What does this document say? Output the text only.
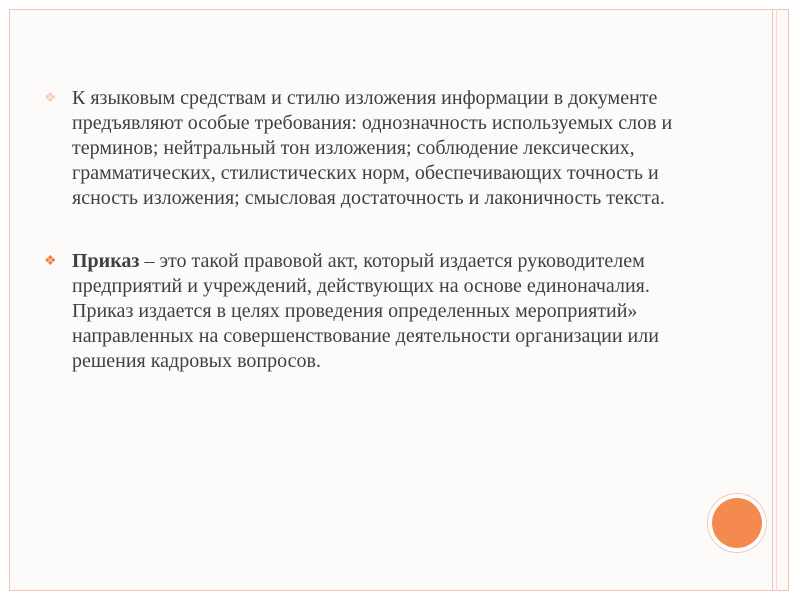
❖ К языковым средствам и стилю изложения информации в документе предъявляют особые требования: однозначность используемых слов и терминов; нейтральный тон изложения; соблюдение лексических, грамматических, стилистических норм, обеспечивающих точность и ясность изложения; смысловая достаточность и лаконичность текста.
❖ Приказ – это такой правовой акт, который издается руководителем предприятий и учреждений, действующих на основе единоначалия. Приказ издается в целях проведения определенных мероприятий» направленных на совершенствование деятельности организации или решения кадровых вопросов.
